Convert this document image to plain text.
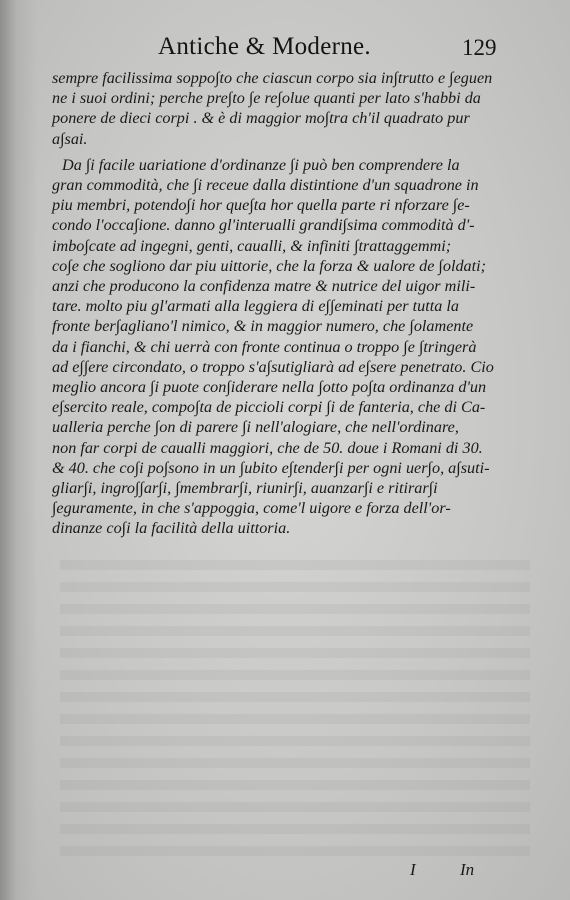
Antiche & Moderne.	129

sempre facilissima soppo∫to che ciascun corpo sia in∫trutto e ∫eguen
ne i suoi ordini; perche pre∫to ∫e re∫olue quanti per lato s'habbi da
ponere de dieci corpi . & è di maggior mo∫tra ch'il quadrato pur
a∫sai.

Da ∫i facile uariatione d'ordinanze ∫i può ben comprendere la
gran commodità, che ∫i receue dalla distintione d'un squadrone in
piu membri, potendo∫i hor que∫ta hor quella parte ri nforzare ∫e-
condo l'occa∫ione. danno gl'interualli grandi∫sima commodità d'-
imbo∫cate ad ingegni, genti, caualli, & infiniti ∫trattaggemmi;
co∫e che sogliono dar piu uittorie, che la forza & ualore de ∫oldati;
anzi che producono la confidenza matre & nutrice del uigor mili-
tare. molto piu gl'armati alla leggiera di e∫∫eminati per tutta la
fronte ber∫agliano'l nimico, & in maggior numero, che ∫olamente
da i fianchi, & chi uerrà con fronte continua o troppo ∫e ∫tringerà
ad e∫∫ere circondato, o troppo s'a∫sutigliarà ad e∫sere penetrato. Cio
meglio ancora ∫i puote con∫iderare nella ∫otto po∫ta ordinanza d'un
e∫sercito reale, compo∫ta de piccioli corpi ∫i de fanteria, che di Ca-
ualleria perche ∫on di parere ∫i nell'alogiare, che nell'ordinare,
non far corpi de caualli maggiori, che de 50. doue i Romani di 30.
& 40. che co∫i po∫sono in un ∫ubito e∫tender∫i per ogni uer∫o, a∫suti-
gliar∫i, ingro∫∫ar∫i, ∫membrar∫i, riunir∫i, auanzar∫i e ritirar∫i
∫eguramente, in che s'appoggia, come'l uigore e forza dell'or-
dinanze co∫i la facilità della uittoria.

I	In
